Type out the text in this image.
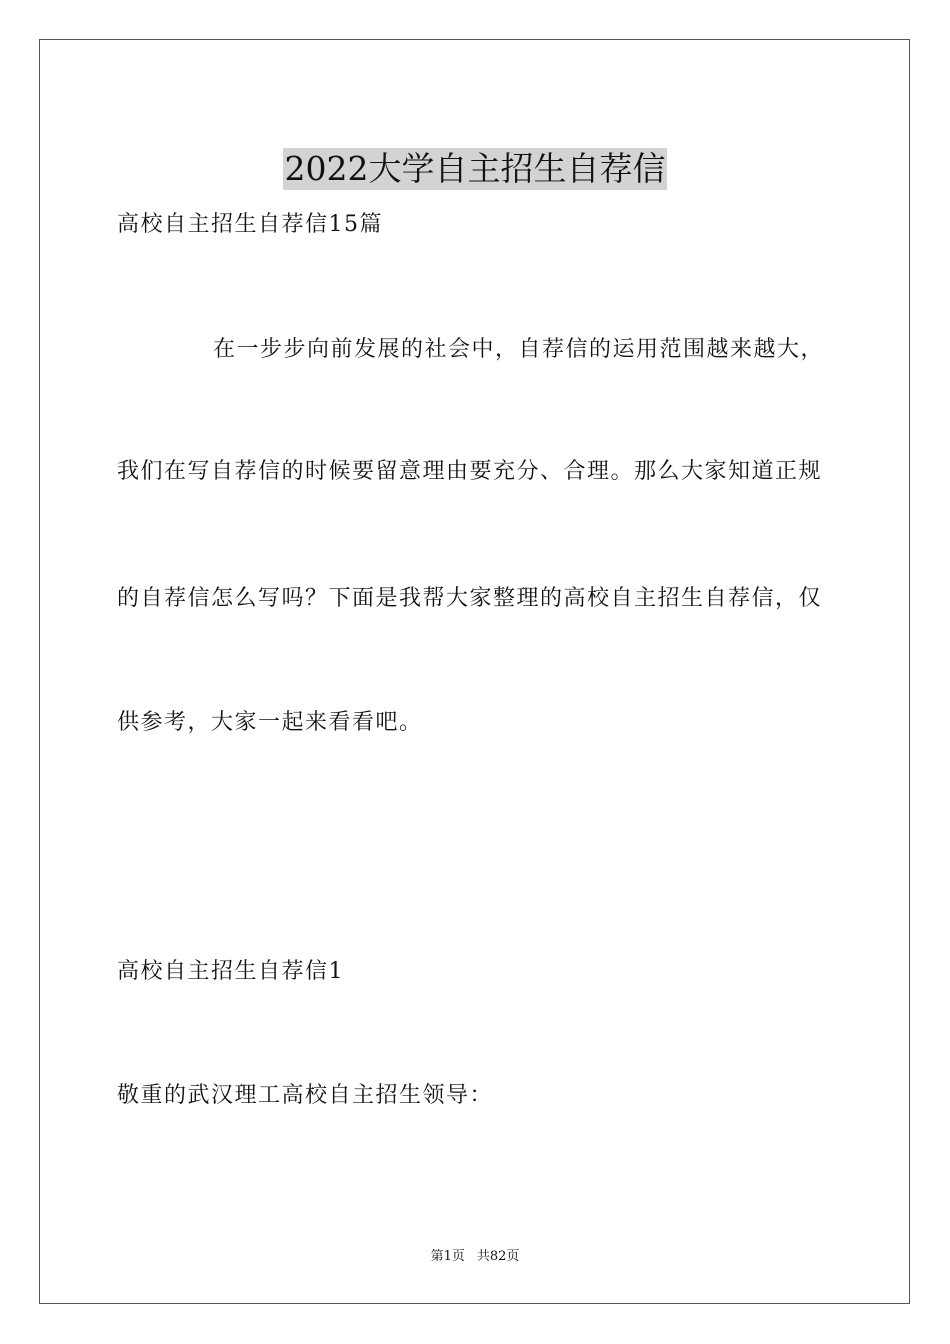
2022大学自主招生自荐信
高校自主招生自荐信15篇
在一步步向前发展的社会中，自荐信的运用范围越来越大，
我们在写自荐信的时候要留意理由要充分、合理。那么大家知道正规
的自荐信怎么写吗？下面是我帮大家整理的高校自主招生自荐信，仅
供参考，大家一起来看看吧。
高校自主招生自荐信1
敬重的武汉理工高校自主招生领导：
第1页 共82页
